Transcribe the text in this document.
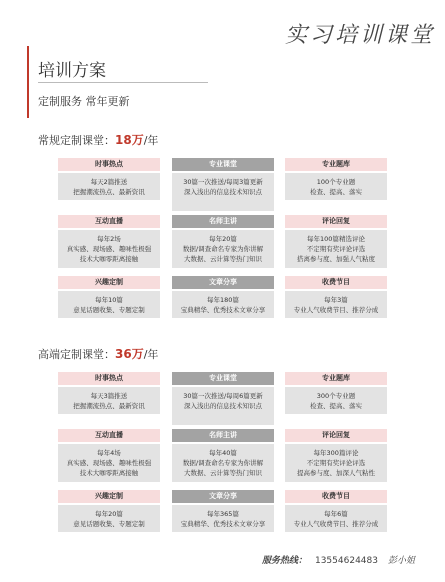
实习培训课堂
培训方案
定制服务 常年更新
常规定制课堂：18万/年
时事热点
每天2篇推送
把握潮流热点、最新资讯
专业课堂
30篇一次推送/每周3篇更新
深入浅出的信息技术知识点
专业题库
100个专业题
检查、提高、落实
互动直播
每年2场
真实感、现场感、趣味性极强
技术大咖零距离接触
名师主讲
每年20篇
数据/调查命名专家为你讲解
大数据、云计算等热门知识
评论回复
每年100篇精选评论
不定期有奖评论评选
搭离参与度、加强人气粘度
兴趣定制
每年10篇
意见话题收集、专题定制
文章分享
每年180篇
宝典精华、优秀技术文章分享
收费节目
每年3篇
专业人气收费节目、推荐分成
高端定制课堂：36万/年
时事热点
每天3篇推送
把握潮流热点、最新资讯
专业课堂
30篇一次推送/每周6篇更新
深入浅出的信息技术知识点
专业题库
300个专业题
检查、提高、落实
互动直播
每年4场
真实感、现场感、趣味性极强
技术大咖零距离接触
名师主讲
每年40篇
数据/调查命名专家为你讲解
大数据、云计算等热门知识
评论回复
每年300篇评论
不定期有奖评论评选
提高参与度、加深人气粘性
兴趣定制
每年20篇
意见话题收集、专题定制
文章分享
每年365篇
宝典精华、优秀技术文章分享
收费节目
每年6篇
专业人气收费节目、推荐分成
服务热线： 13554624483 彭小姐
